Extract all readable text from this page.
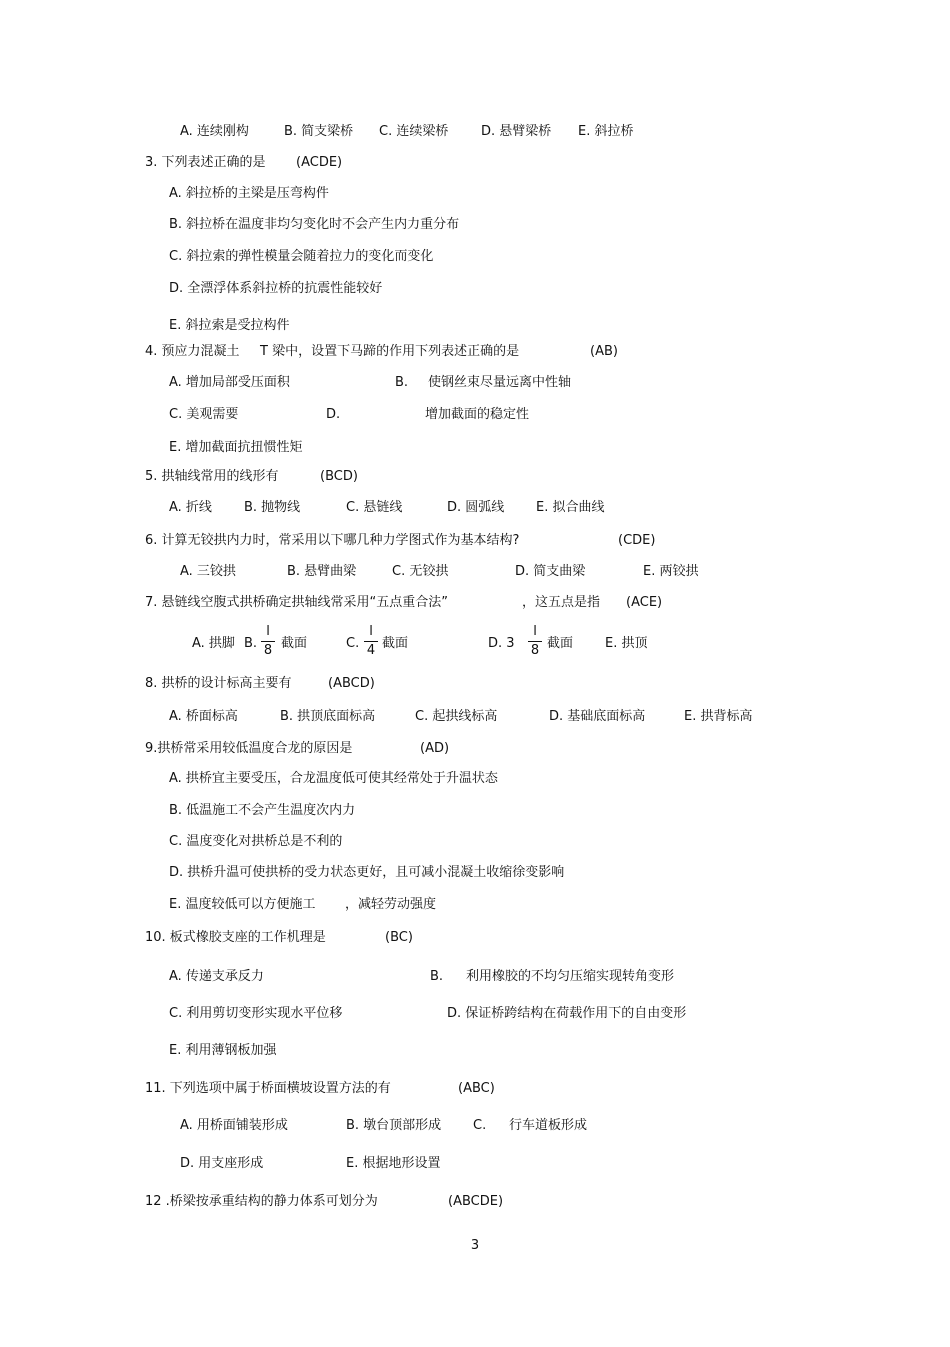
A. 连续刚构	B. 简支梁桥 C. 连续梁桥	D. 悬臂梁桥 E. 斜拉桥
3. 下列表述正确的是 (ACDE)
A. 斜拉桥的主梁是压弯构件
B. 斜拉桥在温度非均匀变化时不会产生内力重分布
C. 斜拉索的弹性模量会随着拉力的变化而变化
D. 全漂浮体系斜拉桥的抗震性能较好
E. 斜拉索是受拉构件
4. 预应力混凝土 T 梁中，设置下马蹄的作用下列表述正确的是	(AB)
A. 增加局部受压面积	B. 使钢丝束尽量远离中性轴
C. 美观需要	D.	增加截面的稳定性
E. 增加截面抗扭惯性矩
5. 拱轴线常用的线形有	(BCD)
A. 折线 B. 抛物线	C. 悬链线	D. 圆弧线 E. 拟合曲线
6. 计算无铰拱内力时，常采用以下哪几种力学图式作为基本结构?	(CDE)
A. 三铰拱	B. 悬臂曲梁	C. 无铰拱	D. 简支曲梁	E. 两铰拱
7. 悬链线空腹式拱桥确定拱轴线常采用“五点重合法”	，这五点是指 (ACE)
A. 拱脚 B.
l
8 截面	C.
l
4 截面	D. 3
l
8 截面 E. 拱顶
8. 拱桥的设计标高主要有	(ABCD)
A. 桥面标高	B. 拱顶底面标高	C. 起拱线标高	D. 基础底面标高	E. 拱背标高
9.拱桥常采用较低温度合龙的原因是	(AD)
A. 拱桥宜主要受压，合龙温度低可使其经常处于升温状态
B. 低温施工不会产生温度次内力
C. 温度变化对拱桥总是不利的
D. 拱桥升温可使拱桥的受力状态更好，且可减小混凝土收缩徐变影响
E. 温度较低可以方便施工 ，减轻劳动强度
10. 板式橡胶支座的工作机理是	(BC)
A. 传递支承反力	B. 利用橡胶的不均匀压缩实现转角变形
C. 利用剪切变形实现水平位移	D. 保证桥跨结构在荷载作用下的自由变形
E. 利用薄钢板加强
11. 下列选项中属于桥面横坡设置方法的有	(ABC)
A. 用桥面铺装形成	B. 墩台顶部形成 C. 行车道板形成
D. 用支座形成	E. 根据地形设置
12 .桥梁按承重结构的静力体系可划分为	(ABCDE)
3
